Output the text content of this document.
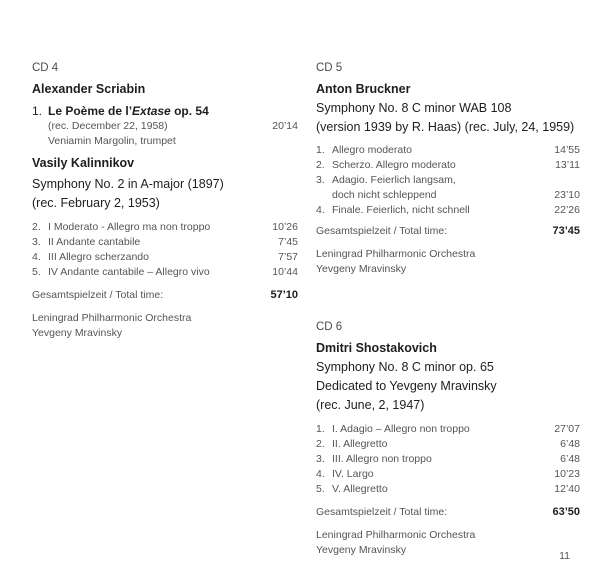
CD 4
Alexander Scriabin
1. Le Poème de l’Extase op. 54
(rec. December 22, 1958)	20’14
Veniamin Margolin, trumpet
Vasily Kalinnikov
Symphony No. 2 in A-major (1897)
(rec. February 2, 1953)
2. I Moderato - Allegro ma non troppo	10’26
3. II Andante cantabile	7’45
4. III Allegro scherzando	7’57
5. IV Andante cantabile – Allegro vivo	10’44
Gesamtspielzeit / Total time:	57’10
Leningrad Philharmonic Orchestra
Yevgeny Mravinsky
CD 5
Anton Bruckner
Symphony No. 8 C minor WAB 108
(version 1939 by R. Haas) (rec. July, 24, 1959)
1. Allegro moderato	14’55
2. Scherzo. Allegro moderato	13’11
3. Adagio. Feierlich langsam,
doch nicht schleppend	23’10
4. Finale. Feierlich, nicht schnell	22’26
Gesamtspielzeit / Total time:	73’45
Leningrad Philharmonic Orchestra
Yevgeny Mravinsky
CD 6
Dmitri Shostakovich
Symphony No. 8 C minor op. 65
Dedicated to Yevgeny Mravinsky
(rec. June, 2, 1947)
1. I. Adagio – Allegro non troppo	27’07
2. II. Allegretto	6’48
3. III. Allegro non troppo	6’48
4. IV. Largo	10’23
5. V. Allegretto	12’40
Gesamtspielzeit / Total time:	63’50
Leningrad Philharmonic Orchestra
Yevgeny Mravinsky	11
